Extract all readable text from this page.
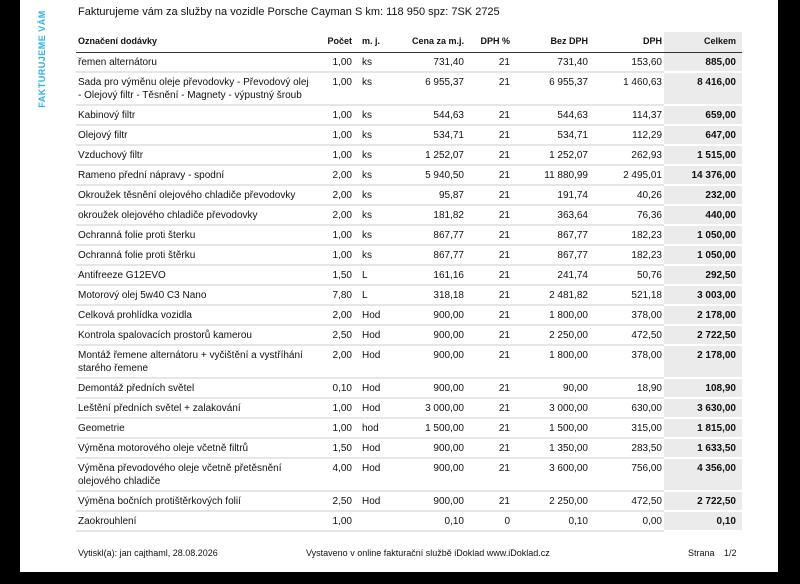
FAKTURUJEME VÁM	Fakturujeme vám za služby na vozidle Porsche Cayman S km: 118 950 spz: 7SK 2725
Označení dodávky	Počet	m. j.	Cena za m.j.	DPH %	Bez DPH	DPH	Celkem
řemen alternátoru	1,00	ks	731,40	21	731,40	153,60	885,00
Sada pro výměnu oleje převodovky - Převodový olej - Olejový filtr - Těsnění - Magnety - výpustný šroub	1,00	ks	6 955,37	21	6 955,37	1 460,63	8 416,00
Kabinový filtr	1,00	ks	544,63	21	544,63	114,37	659,00
Olejový filtr	1,00	ks	534,71	21	534,71	112,29	647,00
Vzduchový filtr	1,00	ks	1 252,07	21	1 252,07	262,93	1 515,00
Rameno přední nápravy - spodní	2,00	ks	5 940,50	21	11 880,99	2 495,01	14 376,00
Okroužek těsnění olejového chladiče převodovky	2,00	ks	95,87	21	191,74	40,26	232,00
okroužek olejového chladiče převodovky	2,00	ks	181,82	21	363,64	76,36	440,00
Ochranná folie proti šterku	1,00	ks	867,77	21	867,77	182,23	1 050,00
Ochranná folie proti štěrku	1,00	ks	867,77	21	867,77	182,23	1 050,00
Antifreeze G12EVO	1,50	L	161,16	21	241,74	50,76	292,50
Motorový olej 5w40 C3 Nano	7,80	L	318,18	21	2 481,82	521,18	3 003,00
Celková prohlídka vozidla	2,00	Hod	900,00	21	1 800,00	378,00	2 178,00
Kontrola spalovacích prostorů kamerou	2,50	Hod	900,00	21	2 250,00	472,50	2 722,50
Montáž řemene alternátoru + vyčištění a vystříhání starého řemene	2,00	Hod	900,00	21	1 800,00	378,00	2 178,00
Demontáž předních světel	0,10	Hod	900,00	21	90,00	18,90	108,90
Leštění předních světel + zalakování	1,00	Hod	3 000,00	21	3 000,00	630,00	3 630,00
Geometrie	1,00	hod	1 500,00	21	1 500,00	315,00	1 815,00
Výměna motorového oleje včetně filtrů	1,50	Hod	900,00	21	1 350,00	283,50	1 633,50
Výměna převodového oleje včetně přetěsnění olejového chladiče	4,00	Hod	900,00	21	3 600,00	756,00	4 356,00
Výměna bočních protištěrkových folií	2,50	Hod	900,00	21	2 250,00	472,50	2 722,50
Zaokrouhlení	1,00		0,10	0	0,10	0,00	0,10
Vytiskl(a): jan cajthaml, 28.08.2026	Vystaveno v online fakturační službě iDoklad www.iDoklad.cz	Strana 1/2
